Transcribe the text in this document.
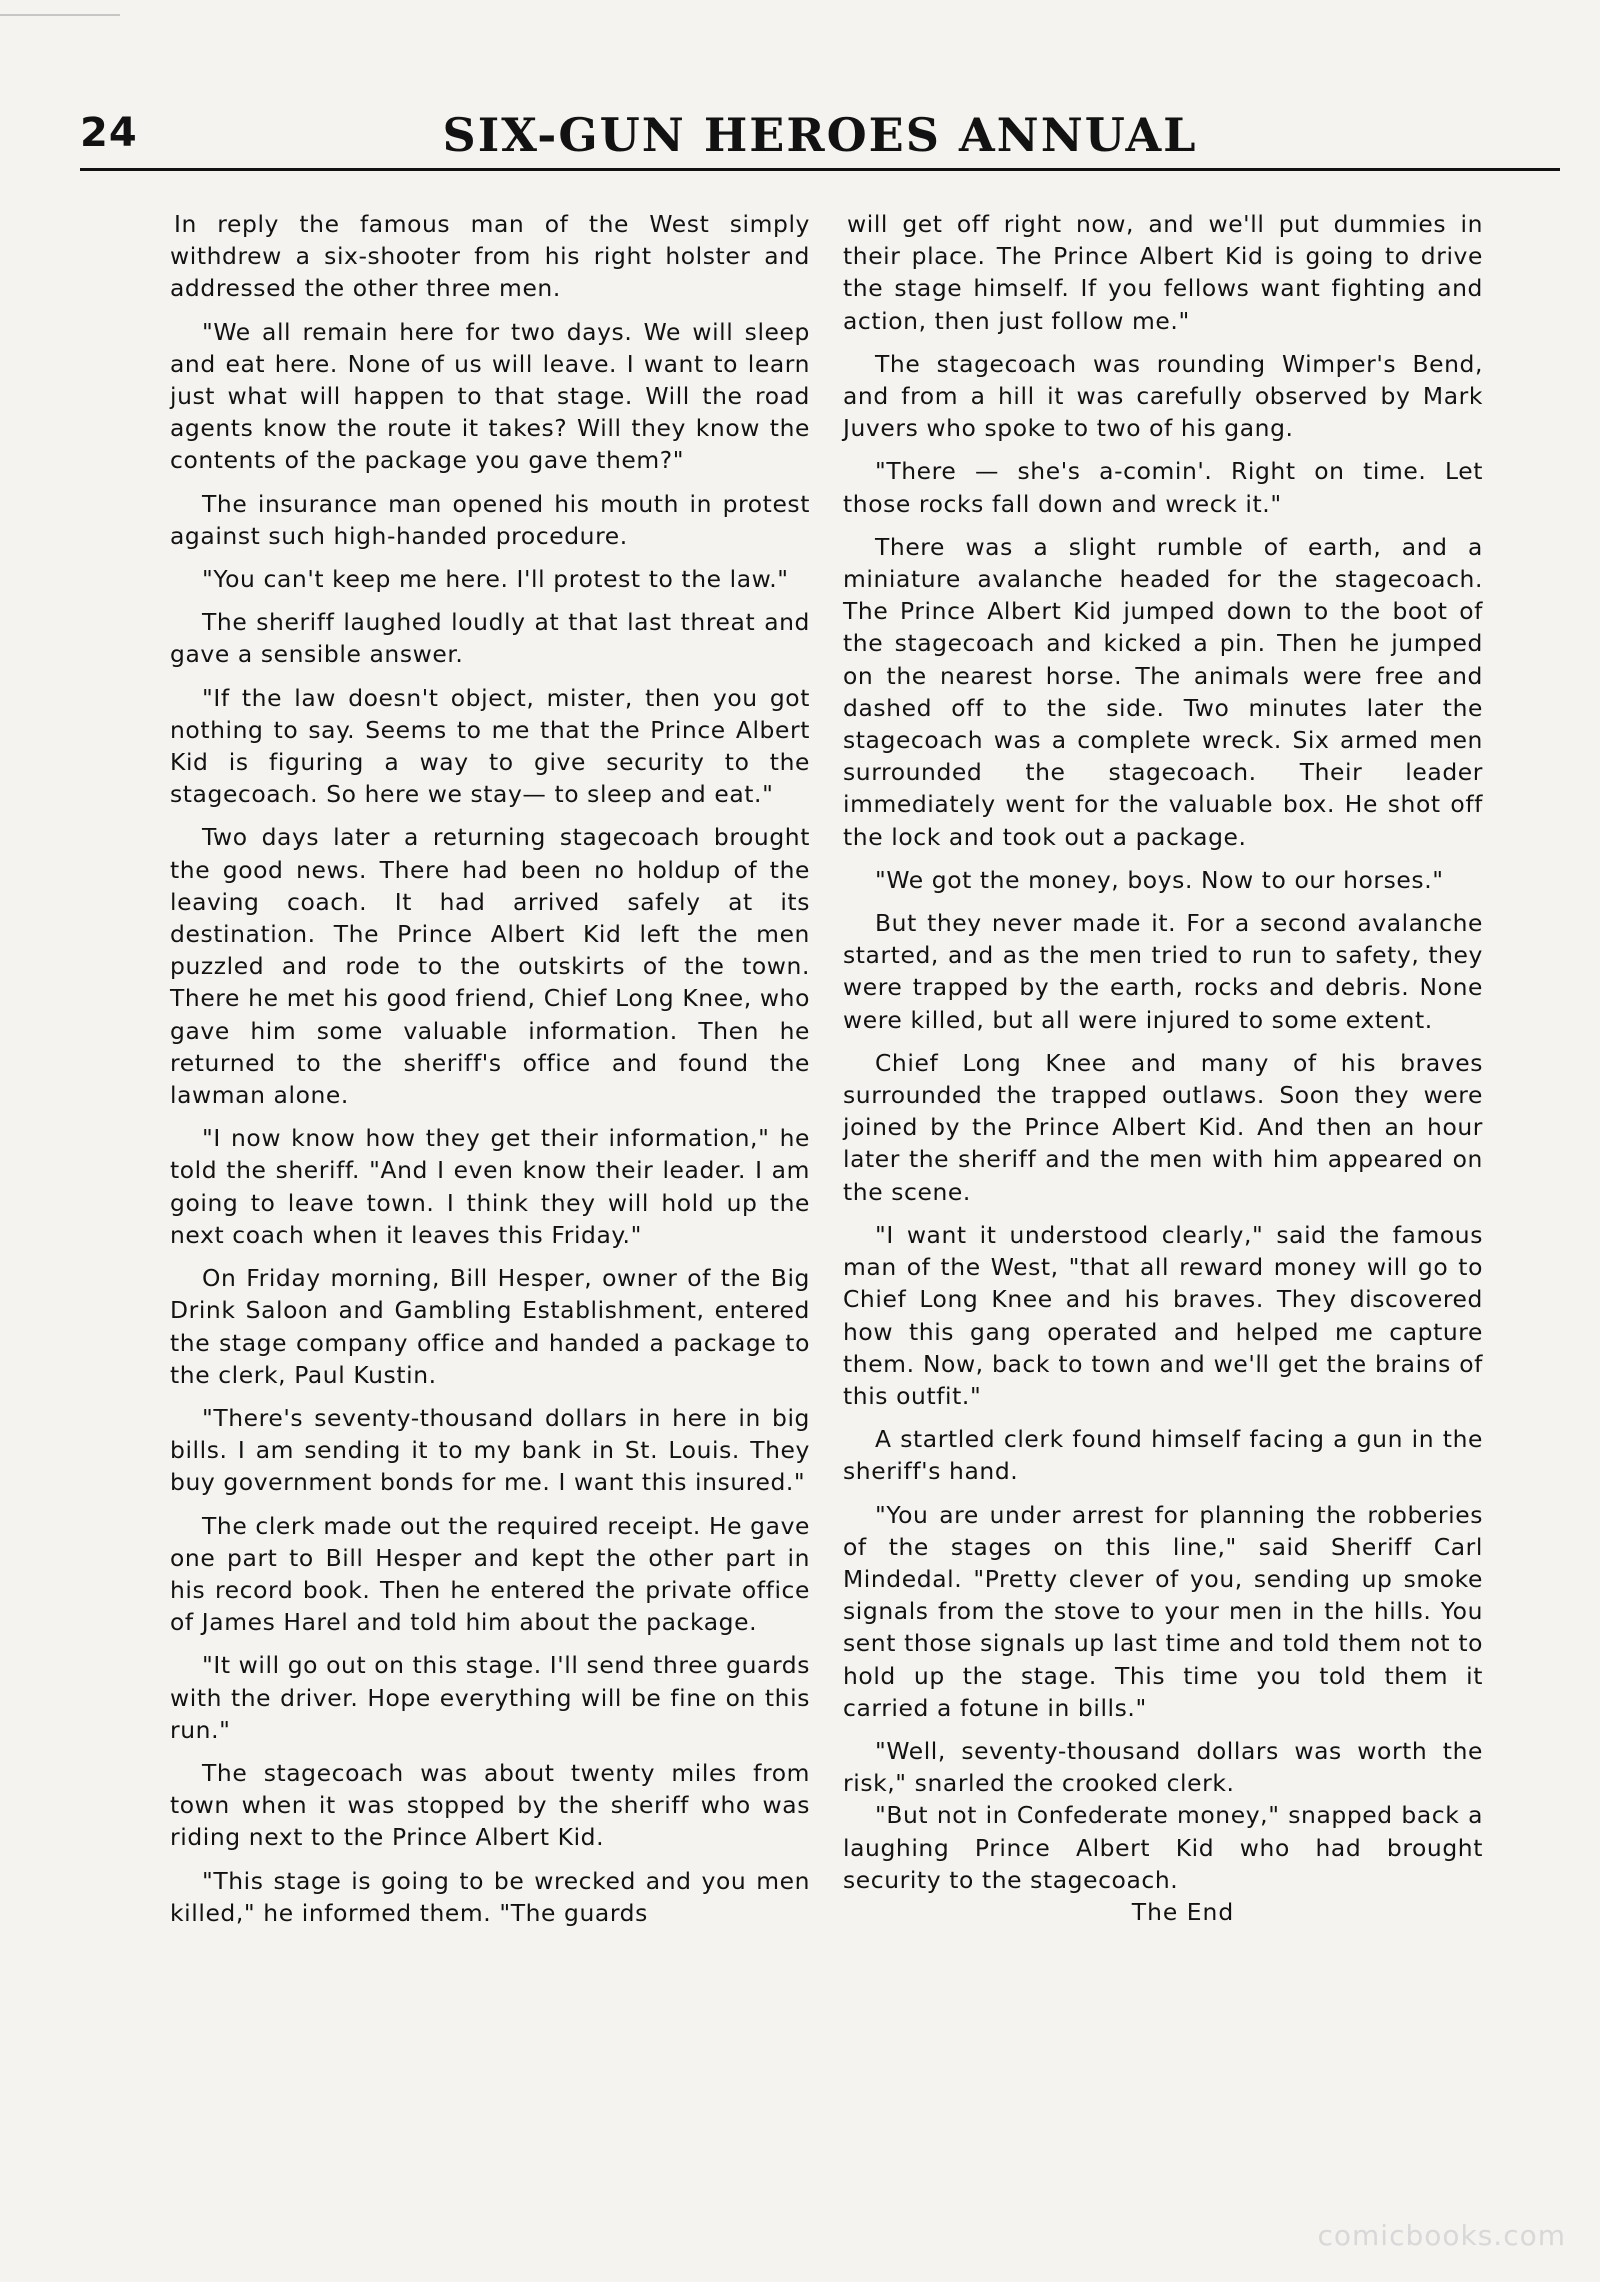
24	SIX-GUN HEROES ANNUAL

In reply the famous man of the West simply withdrew a six-shooter from his right holster and addressed the other three men.

"We all remain here for two days. We will sleep and eat here. None of us will leave. I want to learn just what will happen to that stage. Will the road agents know the route it takes? Will they know the contents of the package you gave them?"

The insurance man opened his mouth in protest against such high-handed procedure.

"You can't keep me here. I'll protest to the law."

The sheriff laughed loudly at that last threat and gave a sensible answer.

"If the law doesn't object, mister, then you got nothing to say. Seems to me that the Prince Albert Kid is figuring a way to give security to the stagecoach. So here we stay— to sleep and eat."

Two days later a returning stagecoach brought the good news. There had been no holdup of the leaving coach. It had arrived safely at its destination. The Prince Albert Kid left the men puzzled and rode to the outskirts of the town. There he met his good friend, Chief Long Knee, who gave him some valuable information. Then he returned to the sheriff's office and found the lawman alone.

"I now know how they get their information," he told the sheriff. "And I even know their leader. I am going to leave town. I think they will hold up the next coach when it leaves this Friday."

On Friday morning, Bill Hesper, owner of the Big Drink Saloon and Gambling Establishment, entered the stage company office and handed a package to the clerk, Paul Kustin.

"There's seventy-thousand dollars in here in big bills. I am sending it to my bank in St. Louis. They buy government bonds for me. I want this insured."

The clerk made out the required receipt. He gave one part to Bill Hesper and kept the other part in his record book. Then he entered the private office of James Harel and told him about the package.

"It will go out on this stage. I'll send three guards with the driver. Hope everything will be fine on this run."

The stagecoach was about twenty miles from town when it was stopped by the sheriff who was riding next to the Prince Albert Kid.

"This stage is going to be wrecked and you men killed," he informed them. "The guards

will get off right now, and we'll put dummies in their place. The Prince Albert Kid is going to drive the stage himself. If you fellows want fighting and action, then just follow me."

The stagecoach was rounding Wimper's Bend, and from a hill it was carefully observed by Mark Juvers who spoke to two of his gang.

"There — she's a-comin'. Right on time. Let those rocks fall down and wreck it."

There was a slight rumble of earth, and a miniature avalanche headed for the stagecoach. The Prince Albert Kid jumped down to the boot of the stagecoach and kicked a pin. Then he jumped on the nearest horse. The animals were free and dashed off to the side. Two minutes later the stagecoach was a complete wreck. Six armed men surrounded the stagecoach. Their leader immediately went for the valuable box. He shot off the lock and took out a package.

"We got the money, boys. Now to our horses."

But they never made it. For a second avalanche started, and as the men tried to run to safety, they were trapped by the earth, rocks and debris. None were killed, but all were injured to some extent.

Chief Long Knee and many of his braves surrounded the trapped outlaws. Soon they were joined by the Prince Albert Kid. And then an hour later the sheriff and the men with him appeared on the scene.

"I want it understood clearly," said the famous man of the West, "that all reward money will go to Chief Long Knee and his braves. They discovered how this gang operated and helped me capture them. Now, back to town and we'll get the brains of this outfit."

A startled clerk found himself facing a gun in the sheriff's hand.

"You are under arrest for planning the robberies of the stages on this line," said Sheriff Carl Mindedal. "Pretty clever of you, sending up smoke signals from the stove to your men in the hills. You sent those signals up last time and told them not to hold up the stage. This time you told them it carried a fotune in bills."

"Well, seventy-thousand dollars was worth the risk," snarled the crooked clerk.

"But not in Confederate money," snapped back a laughing Prince Albert Kid who had brought security to the stagecoach.

The End
comicbooks.com
